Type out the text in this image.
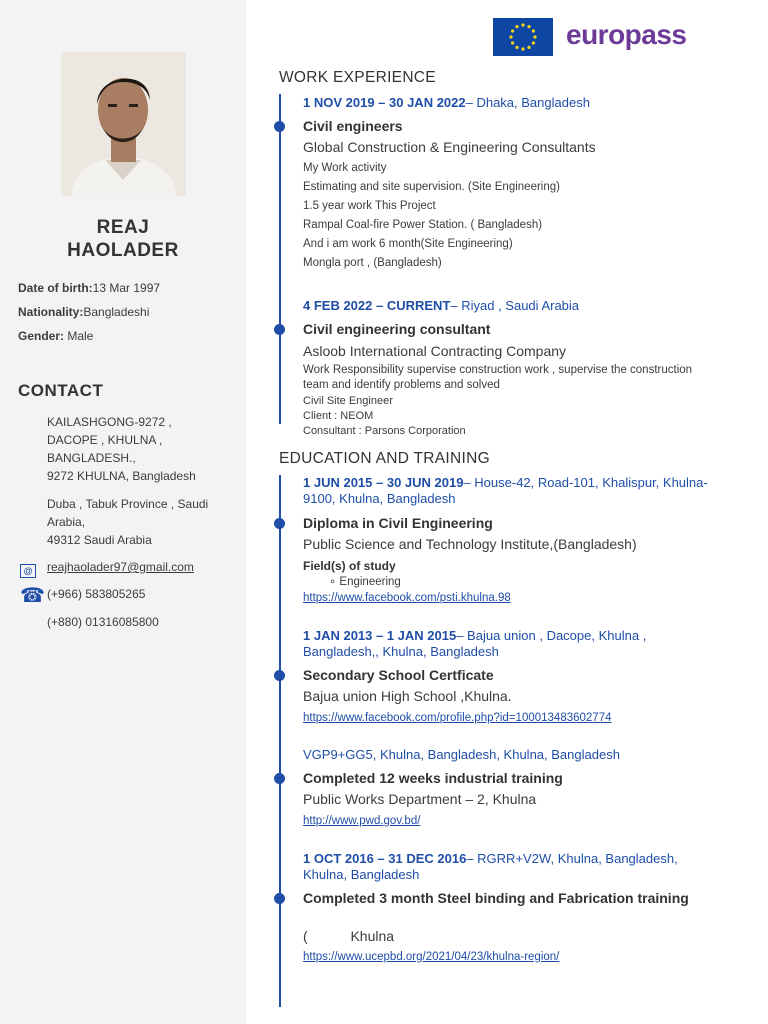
REAJ
HAOLADER
Date of birth:13 Mar 1997
Nationality:Bangladeshi
Gender: Male
CONTACT
KAILASHGONG-9272 ,
DACOPE , KHULNA ,
BANGLADESH.,
9272 KHULNA, Bangladesh
Duba , Tabuk Province , Saudi
Arabia,
49312 Saudi Arabia
@	reajhaolader97@gmail.com
☎ (+966) 583805265
(+880) 01316085800
europass
WORK EXPERIENCE
1 NOV 2019 – 30 JAN 2022– Dhaka, Bangladesh
Civil engineers
Global Construction & Engineering Consultants
My Work activity
Estimating and site supervision. (Site Engineering)
1.5 year work This Project
Rampal Coal-fire Power Station. ( Bangladesh)
And i am work 6 month(Site Engineering)
Mongla port , (Bangladesh)
4 FEB 2022 – CURRENT– Riyad , Saudi Arabia
Civil engineering consultant
Asloob International Contracting Company
Work Responsibility supervise construction work , supervise the construction team and identify problems and solved
Civil Site Engineer
Client : NEOM
Consultant : Parsons Corporation
EDUCATION AND TRAINING
1 JUN 2015 – 30 JUN 2019– House-42, Road-101, Khalispur, Khulna-9100, Khulna, Bangladesh
Diploma in Civil Engineering
Public Science and Technology Institute,(Bangladesh)
Field(s) of study
∘ Engineering
https://www.facebook.com/psti.khulna.98
1 JAN 2013 – 1 JAN 2015– Bajua union , Dacope, Khulna , Bangladesh,, Khulna, Bangladesh
Secondary School Certficate
Bajua union High School ,Khulna.
https://www.facebook.com/profile.php?id=100013483602774
VGP9+GG5, Khulna, Bangladesh, Khulna, Bangladesh
Completed 12 weeks industrial training
Public Works Department – 2, Khulna
http://www.pwd.gov.bd/
1 OCT 2016 – 31 DEC 2016– RGRR+V2W, Khulna, Bangladesh, Khulna, Bangladesh
Completed 3 month Steel binding and Fabrication training
(           Khulna
https://www.ucepbd.org/2021/04/23/khulna-region/
